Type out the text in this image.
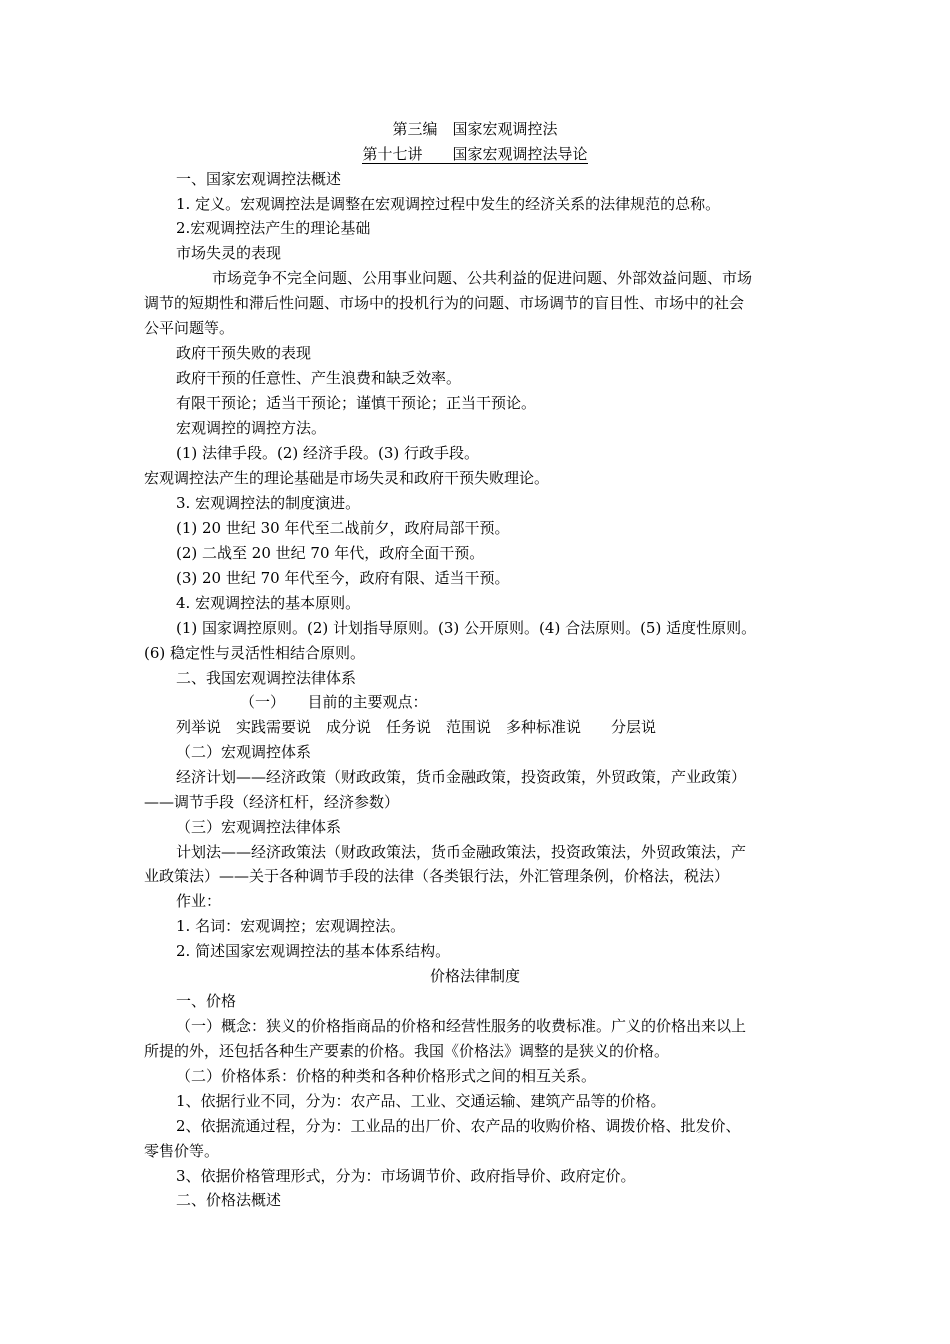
第三编　国家宏观调控法
第十七讲　　国家宏观调控法导论
一、国家宏观调控法概述
1. 定义。宏观调控法是调整在宏观调控过程中发生的经济关系的法律规范的总称。
2.宏观调控法产生的理论基础
市场失灵的表现
市场竞争不完全问题、公用事业问题、公共利益的促进问题、外部效益问题、市场
调节的短期性和滞后性问题、市场中的投机行为的问题、市场调节的盲目性、市场中的社会
公平问题等。
政府干预失败的表现
政府干预的任意性、产生浪费和缺乏效率。
有限干预论；适当干预论；谨慎干预论；正当干预论。
宏观调控的调控方法。
(1) 法律手段。(2) 经济手段。(3) 行政手段。
宏观调控法产生的理论基础是市场失灵和政府干预失败理论。
3. 宏观调控法的制度演进。
(1) 20 世纪 30 年代至二战前夕，政府局部干预。
(2) 二战至 20 世纪 70 年代，政府全面干预。
(3) 20 世纪 70 年代至今，政府有限、适当干预。
4. 宏观调控法的基本原则。
(1) 国家调控原则。(2) 计划指导原则。(3) 公开原则。(4) 合法原则。(5) 适度性原则。
(6) 稳定性与灵活性相结合原则。
二、我国宏观调控法律体系
（一）　　目前的主要观点：
列举说　实践需要说　成分说　任务说　范围说　多种标准说　　分层说
（二）宏观调控体系
经济计划——经济政策（财政政策，货币金融政策，投资政策，外贸政策，产业政策）
——调节手段（经济杠杆，经济参数）
（三）宏观调控法律体系
计划法——经济政策法（财政政策法，货币金融政策法，投资政策法，外贸政策法，产
业政策法）——关于各种调节手段的法律（各类银行法，外汇管理条例，价格法，税法）
作业：
1. 名词：宏观调控；宏观调控法。
2. 简述国家宏观调控法的基本体系结构。
价格法律制度
一、价格
（一）概念：狭义的价格指商品的价格和经营性服务的收费标准。广义的价格出来以上
所提的外，还包括各种生产要素的价格。我国《价格法》调整的是狭义的价格。
（二）价格体系：价格的种类和各种价格形式之间的相互关系。
1、依据行业不同，分为：农产品、工业、交通运输、建筑产品等的价格。
2、依据流通过程，分为：工业品的出厂价、农产品的收购价格、调拨价格、批发价、
零售价等。
3、依据价格管理形式，分为：市场调节价、政府指导价、政府定价。
二、价格法概述
